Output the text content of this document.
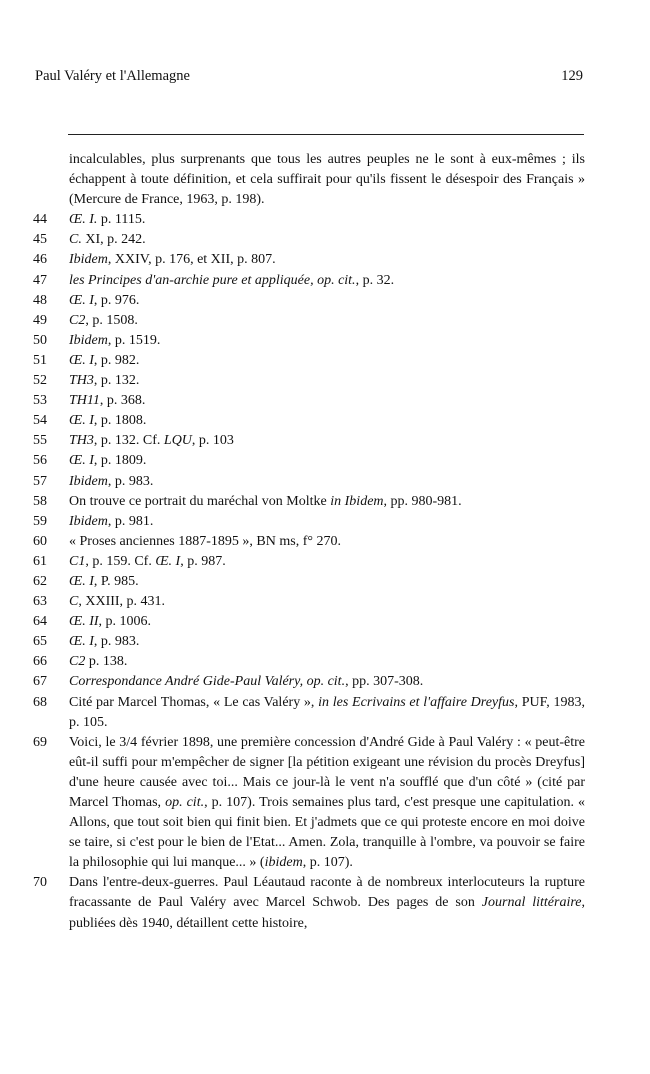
Paul Valéry et l'Allemagne	129
incalculables, plus surprenants que tous les autres peuples ne le sont à eux-mêmes ; ils échappent à toute définition, et cela suffirait pour qu'ils fissent le désespoir des Français » (Mercure de France, 1963, p. 198).
44	Œ. I. p. 1115.
45	C. XI, p. 242.
46	Ibidem, XXIV, p. 176, et XII, p. 807.
47	les Principes d'an-archie pure et appliquée, op. cit., p. 32.
48	Œ. I, p. 976.
49	C2, p. 1508.
50	Ibidem, p. 1519.
51	Œ. I, p. 982.
52	TH3, p. 132.
53	TH11, p. 368.
54	Œ. I, p. 1808.
55	TH3, p. 132. Cf. LQU, p. 103
56	Œ. I, p. 1809.
57	Ibidem, p. 983.
58	On trouve ce portrait du maréchal von Moltke in Ibidem, pp. 980-981.
59	Ibidem, p. 981.
60	« Proses anciennes 1887-1895 », BN ms, f° 270.
61	C1, p. 159. Cf. Œ. I, p. 987.
62	Œ. I, P. 985.
63	C, XXIII, p. 431.
64	Œ. II, p. 1006.
65	Œ. I, p. 983.
66	C2 p. 138.
67	Correspondance André Gide-Paul Valéry, op. cit., pp. 307-308.
68	Cité par Marcel Thomas, « Le cas Valéry », in les Ecrivains et l'affaire Dreyfus, PUF, 1983, p. 105.
69	Voici, le 3/4 février 1898, une première concession d'André Gide à Paul Valéry : « peut-être eût-il suffi pour m'empêcher de signer [la pétition exigeant une révision du procès Dreyfus] d'une heure causée avec toi... Mais ce jour-là le vent n'a soufflé que d'un côté » (cité par Marcel Thomas, op. cit., p. 107). Trois semaines plus tard, c'est presque une capitulation. « Allons, que tout soit bien qui finit bien. Et j'admets que ce qui proteste encore en moi doive se taire, si c'est pour le bien de l'Etat... Amen. Zola, tranquille à l'ombre, va pouvoir se faire la philosophie qui lui manque... » (ibidem, p. 107).
70	Dans l'entre-deux-guerres. Paul Léautaud raconte à de nombreux interlocuteurs la rupture fracassante de Paul Valéry avec Marcel Schwob. Des pages de son Journal littéraire, publiées dès 1940, détaillent cette histoire,
